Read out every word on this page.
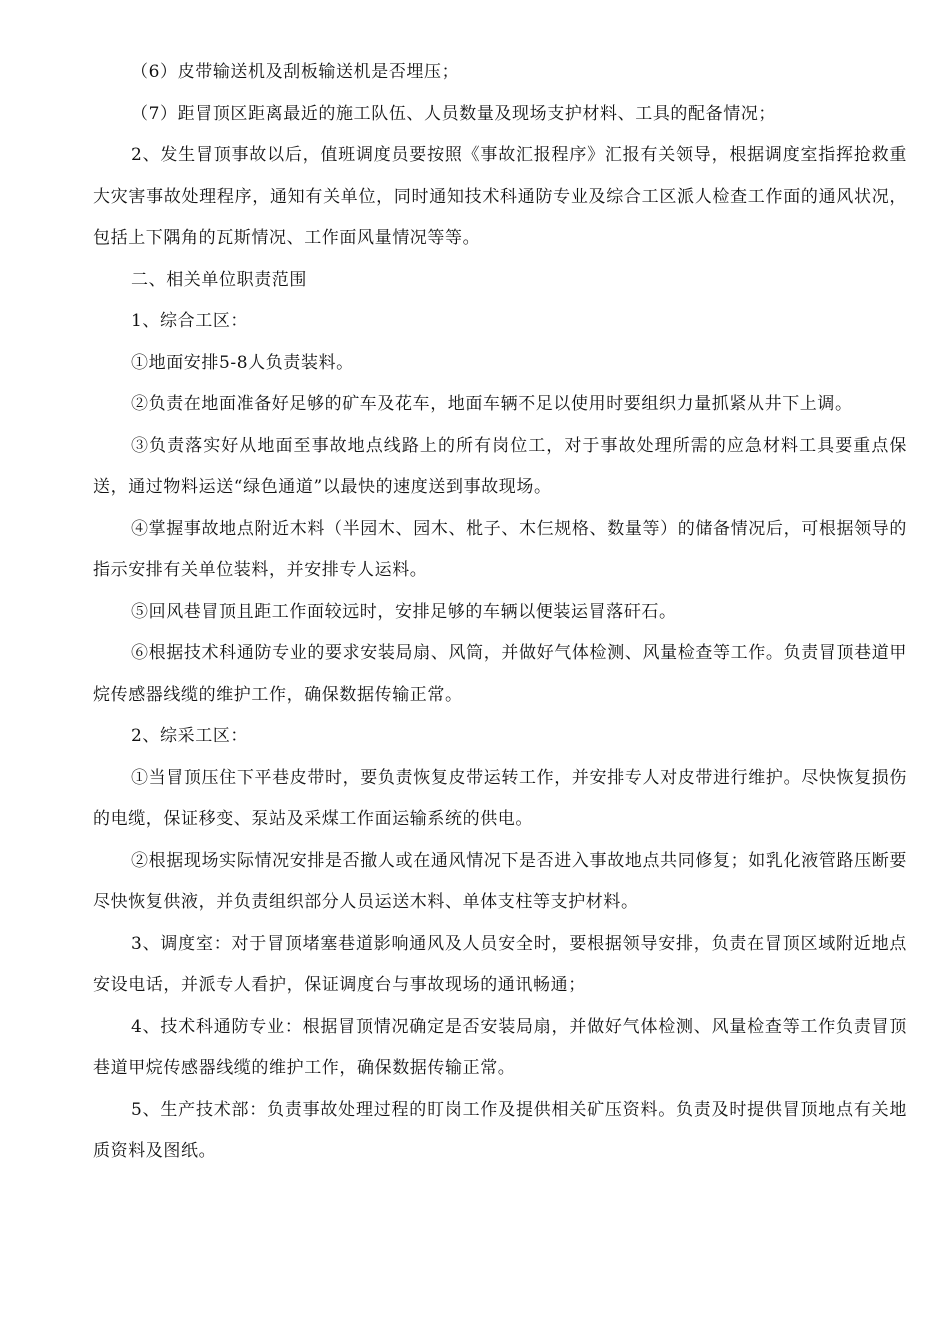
（6）皮带输送机及刮板输送机是否埋压；

（7）距冒顶区距离最近的施工队伍、人员数量及现场支护材料、工具的配备情况；

2、发生冒顶事故以后，值班调度员要按照《事故汇报程序》汇报有关领导，根据调度室指挥抢救重大灾害事故处理程序，通知有关单位，同时通知技术科通防专业及综合工区派人检查工作面的通风状况，包括上下隅角的瓦斯情况、工作面风量情况等等。

二、相关单位职责范围

1、综合工区：

①地面安排5-8人负责装料。

②负责在地面准备好足够的矿车及花车，地面车辆不足以使用时要组织力量抓紧从井下上调。

③负责落实好从地面至事故地点线路上的所有岗位工，对于事故处理所需的应急材料工具要重点保送，通过物料运送“绿色通道”以最快的速度送到事故现场。

④掌握事故地点附近木料（半园木、园木、枇子、木仨规格、数量等）的储备情况后，可根据领导的指示安排有关单位装料，并安排专人运料。

⑤回风巷冒顶且距工作面较远时，安排足够的车辆以便装运冒落矸石。

⑥根据技术科通防专业的要求安装局扇、风筒，并做好气体检测、风量检查等工作。负责冒顶巷道甲烷传感器线缆的维护工作，确保数据传输正常。

2、综采工区：

①当冒顶压住下平巷皮带时，要负责恢复皮带运转工作，并安排专人对皮带进行维护。尽快恢复损伤的电缆，保证移变、泵站及采煤工作面运输系统的供电。

②根据现场实际情况安排是否撤人或在通风情况下是否进入事故地点共同修复；如乳化液管路压断要尽快恢复供液，并负责组织部分人员运送木料、单体支柱等支护材料。

3、调度室：对于冒顶堵塞巷道影响通风及人员安全时，要根据领导安排，负责在冒顶区域附近地点安设电话，并派专人看护，保证调度台与事故现场的通讯畅通；

4、技术科通防专业：根据冒顶情况确定是否安装局扇，并做好气体检测、风量检查等工作负责冒顶巷道甲烷传感器线缆的维护工作，确保数据传输正常。

5、生产技术部：负责事故处理过程的盯岗工作及提供相关矿压资料。负责及时提供冒顶地点有关地质资料及图纸。
